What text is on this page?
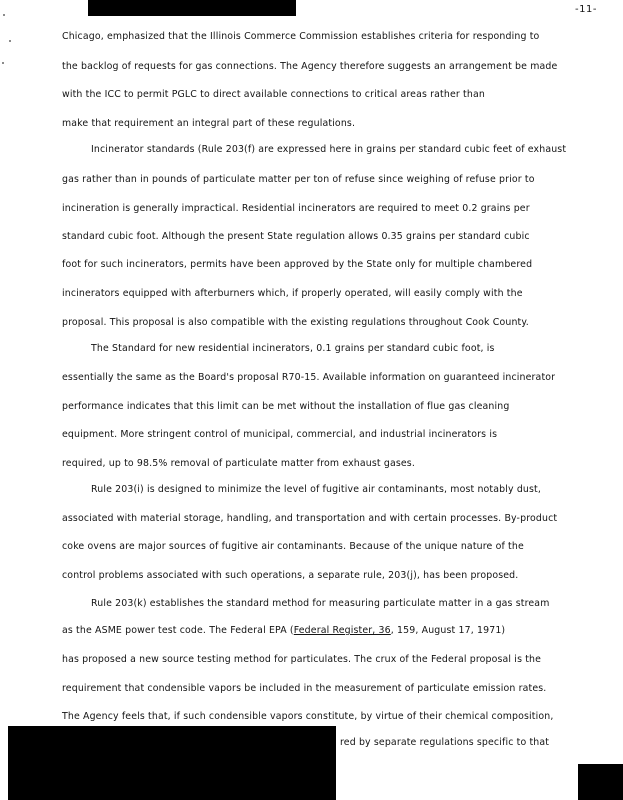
-11-
Chicago, emphasized that the Illinois Commerce Commission establishes criteria for responding to
the backlog of requests for gas connections. The Agency therefore suggests an arrangement be made
with the ICC to permit PGLC to direct available connections to critical areas rather than
make that requirement an integral part of these regulations.
Incinerator standards (Rule 203(f) are expressed here in grains per standard cubic feet of exhaust
gas rather than in pounds of particulate matter per ton of refuse since weighing of refuse prior to
incineration is generally impractical. Residential incinerators are required to meet 0.2 grains per
standard cubic foot. Although the present State regulation allows 0.35 grains per standard cubic
foot for such incinerators, permits have been approved by the State only for multiple chambered
incinerators equipped with afterburners which, if properly operated, will easily comply with the
proposal. This proposal is also compatible with the existing regulations throughout Cook County.
The Standard for new residential incinerators, 0.1 grains per standard cubic foot, is
essentially the same as the Board's proposal R70-15. Available information on guaranteed incinerator
performance indicates that this limit can be met without the installation of flue gas cleaning
equipment. More stringent control of municipal, commercial, and industrial incinerators is
required, up to 98.5% removal of particulate matter from exhaust gases.
Rule 203(i) is designed to minimize the level of fugitive air contaminants, most notably dust,
associated with material storage, handling, and transportation and with certain processes. By-product
coke ovens are major sources of fugitive air contaminants. Because of the unique nature of the
control problems associated with such operations, a separate rule, 203(j), has been proposed.
Rule 203(k) establishes the standard method for measuring particulate matter in a gas stream
as the ASME power test code. The Federal EPA (Federal Register, 36, 159, August 17, 1971)
has proposed a new source testing method for particulates. The crux of the Federal proposal is the
requirement that condensible vapors be included in the measurement of particulate emission rates.
The Agency feels that, if such condensible vapors constitute, by virtue of their chemical composition,
red by separate regulations specific to that
